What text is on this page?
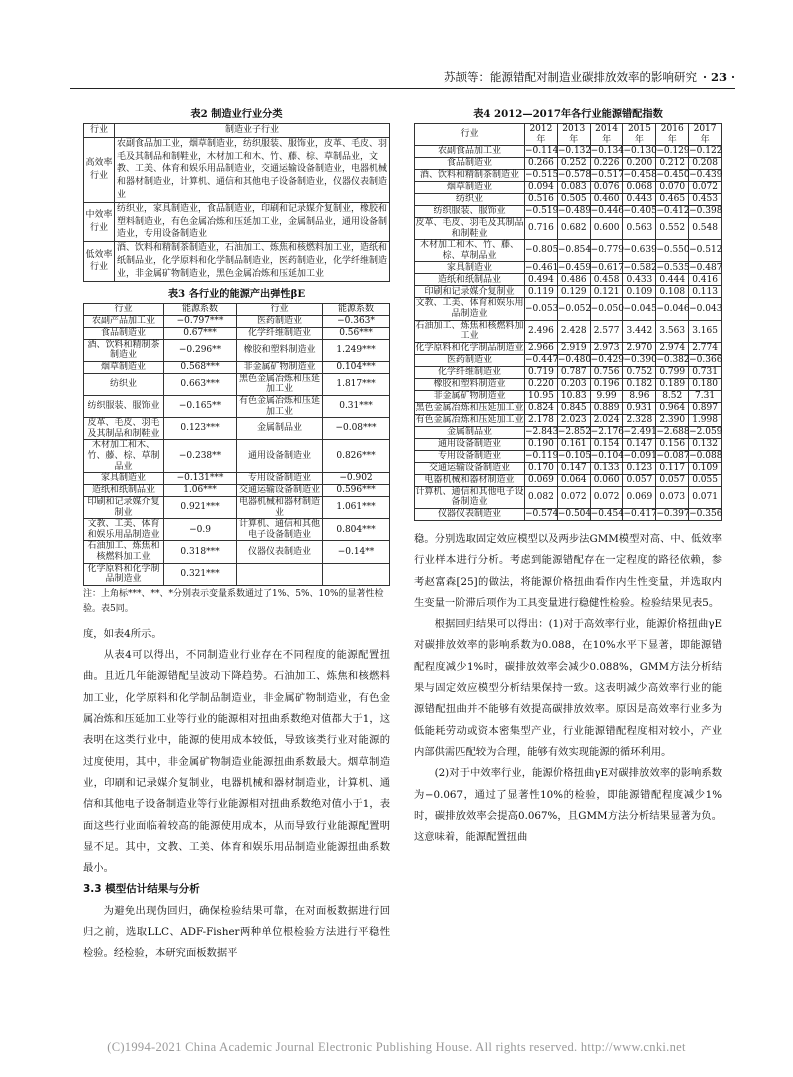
苏颉等：能源错配对制造业碳排放效率的影响研究 · 23 ·
表2 制造业行业分类
行业	制造业子行业
高效率行业	农副食品加工业，烟草制造业，纺织服装、服饰业，皮革、毛皮、羽毛及其制品和制鞋业，木材加工和木、竹、藤、棕、草制品业，文教、工美、体育和娱乐用品制造业，交通运输设备制造业，电器机械和器材制造业，计算机、通信和其他电子设备制造业，仪器仪表制造业
中效率行业	纺织业，家具制造业，食品制造业，印刷和记录媒介复制业，橡胶和塑料制造业，有色金属冶炼和压延加工业，金属制品业，通用设备制造业，专用设备制造业
低效率行业	酒、饮料和精制茶制造业，石油加工、炼焦和核燃料加工业，造纸和纸制品业，化学原料和化学制品制造业，医药制造业，化学纤维制造业，非金属矿物制造业，黑色金属冶炼和压延加工业
表3 各行业的能源产出弹性βE
行业	能源系数	行业	能源系数
农副产品加工业	−0.797***	医药制造业	−0.363*
食品制造业	0.67***	化学纤维制造业	0.56***
酒、饮料和精制茶制造业	−0.296**	橡胶和塑料制造业	1.249***
烟草制造业	0.568***	非金属矿物制造业	0.104***
纺织业	0.663***	黑色金属冶炼和压延加工业	1.817***
纺织服装、服饰业	−0.165**	有色金属冶炼和压延加工业	0.31***
皮革、毛皮、羽毛及其制品和制鞋业	0.123***	金属制品业	−0.08***
木材加工和木、竹、藤、棕、草制品业	−0.238**	通用设备制造业	0.826***
家具制造业	−0.131***	专用设备制造业	−0.902
造纸和纸制品业	1.06***	交通运输设备制造业	0.596***
印刷和记录媒介复制业	0.921***	电器机械和器材制造业	1.061***
文教、工美、体育和娱乐用品制造业	−0.9	计算机、通信和其他电子设备制造业	0.804***
石油加工、炼焦和核燃料加工业	0.318***	仪器仪表制造业	−0.14**
化学原料和化学制品制造业	0.321***		
注：上角标***、**、*分别表示变量系数通过了1%、5%、10%的显著性检验。表5同。

度，如表4所示。

从表4可以得出，不同制造业行业存在不同程度的能源配置扭曲。且近几年能源错配呈波动下降趋势。石油加工、炼焦和核燃料加工业，化学原料和化学制品制造业，非金属矿物制造业，有色金属冶炼和压延加工业等行业的能源相对扭曲系数绝对值都大于1，这表明在这类行业中，能源的使用成本较低，导致该类行业对能源的过度使用，其中，非金属矿物制造业能源扭曲系数最大。烟草制造业，印刷和记录媒介复制业，电器机械和器材制造业，计算机、通信和其他电子设备制造业等行业能源相对扭曲系数绝对值小于1，表面这些行业面临着较高的能源使用成本，从而导致行业能源配置明显不足。其中，文教、工美、体育和娱乐用品制造业能源扭曲系数最小。

3.3 模型估计结果与分析

为避免出现伪回归，确保检验结果可靠，在对面板数据进行回归之前，选取LLC、ADF-Fisher两种单位根检验方法进行平稳性检验。经检验，本研究面板数据平

表4 2012—2017年各行业能源错配指数
行业	2012年	2013年	2014年	2015年	2016年	2017年
农副食品加工业	−0.114	−0.132	−0.134	−0.130	−0.129	−0.122
食品制造业	0.266	0.252	0.226	0.200	0.212	0.208
酒、饮料和精制茶制造业	−0.515	−0.578	−0.517	−0.458	−0.450	−0.439
烟草制造业	0.094	0.083	0.076	0.068	0.070	0.072
纺织业	0.516	0.505	0.460	0.443	0.465	0.453
纺织服装、服饰业	−0.519	−0.489	−0.446	−0.405	−0.412	−0.398
皮革、毛皮、羽毛及其制品和制鞋业	0.716	0.682	0.600	0.563	0.552	0.548
木材加工和木、竹、藤、棕、草制品业	−0.805	−0.854	−0.779	−0.639	−0.550	−0.512
家具制造业	−0.461	−0.459	−0.617	−0.582	−0.535	−0.487
造纸和纸制品业	0.494	0.486	0.458	0.433	0.444	0.416
印刷和记录媒介复制业	0.119	0.129	0.121	0.109	0.108	0.113
文教、工美、体育和娱乐用品制造业	−0.053	−0.052	−0.050	−0.045	−0.046	−0.043
石油加工、炼焦和核燃料加工业	2.496	2.428	2.577	3.442	3.563	3.165
化学原料和化学制品制造业	2.966	2.919	2.973	2.970	2.974	2.774
医药制造业	−0.447	−0.480	−0.429	−0.390	−0.382	−0.366
化学纤维制造业	0.719	0.787	0.756	0.752	0.799	0.731
橡胶和塑料制造业	0.220	0.203	0.196	0.182	0.189	0.180
非金属矿物制造业	10.95	10.83	9.99	8.96	8.52	7.31
黑色金属冶炼和压延加工业	0.824	0.845	0.889	0.931	0.964	0.897
有色金属冶炼和压延加工业	2.178	2.023	2.024	2.328	2.390	1.998
金属制品业	−2.843	−2.852	−2.176	−2.491	−2.688	−2.059
通用设备制造业	0.190	0.161	0.154	0.147	0.156	0.132
专用设备制造业	−0.119	−0.105	−0.104	−0.091	−0.087	−0.088
交通运输设备制造业	0.170	0.147	0.133	0.123	0.117	0.109
电器机械和器材制造业	0.069	0.064	0.060	0.057	0.057	0.055
计算机、通信和其他电子设备制造业	0.082	0.072	0.072	0.069	0.073	0.071
仪器仪表制造业	−0.574	−0.504	−0.454	−0.417	−0.397	−0.356

稳。分别选取固定效应模型以及两步法GMM模型对高、中、低效率行业样本进行分析。考虑到能源错配存在一定程度的路径依赖，参考赵富森[25]的做法，将能源价格扭曲看作内生性变量，并选取内生变量一阶滞后项作为工具变量进行稳健性检验。检验结果见表5。

根据回归结果可以得出：(1)对于高效率行业，能源价格扭曲γE对碳排放效率的影响系数为0.088，在10%水平下显著，即能源错配程度减少1%时，碳排放效率会减少0.088%，GMM方法分析结果与固定效应模型分析结果保持一致。这表明减少高效率行业的能源错配扭曲并不能够有效提高碳排放效率。原因是高效率行业多为低能耗劳动或资本密集型产业，行业能源错配程度相对较小，产业内部供需匹配较为合理，能够有效实现能源的循环利用。

(2)对于中效率行业，能源价格扭曲γE对碳排放效率的影响系数为−0.067，通过了显著性10%的检验，即能源错配程度减少1%时，碳排放效率会提高0.067%，且GMM方法分析结果显著为负。这意味着，能源配置扭曲

(C)1994-2021 China Academic Journal Electronic Publishing House. All rights reserved. http://www.cnki.net
